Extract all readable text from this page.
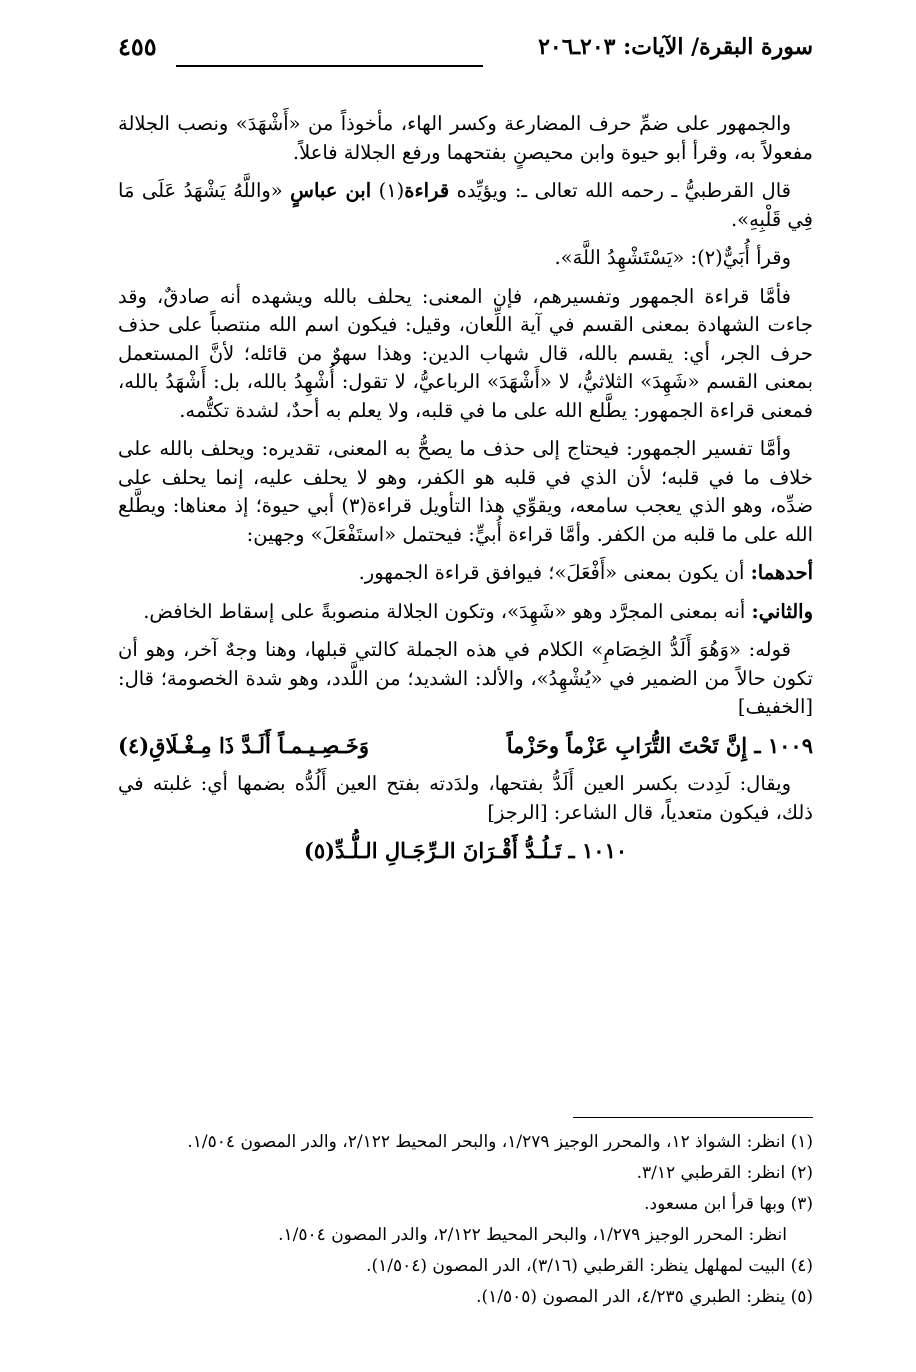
سورة البقرة/ الآيات: ٢٠٣ـ٢٠٦
٤٥٥

والجمهور على ضمِّ حرف المضارعة وكسر الهاء، مأخوذاً من «أَشْهَدَ» ونصب الجلالة مفعولاً به، وقرأ أبو حيوة وابن محيصنٍ بفتحهما ورفع الجلالة فاعلاً.

قال القرطبيُّ ـ رحمه الله تعالى ـ: ويؤيِّده قراءة(١) ابن عباسٍ «واللَّهُ يَشْهَدُ عَلَى مَا فِي قَلْبِهِ».

وقرأ أُبَيٌّ(٢): «يَسْتَشْهِدُ اللَّهَ».

فأمَّا قراءة الجمهور وتفسيرهم، فإن المعنى: يحلف بالله ويشهده أنه صادقٌ، وقد جاءت الشهادة بمعنى القسم في آية اللِّعان، وقيل: فيكون اسم الله منتصباً على حذف حرف الجر، أي: يقسم بالله، قال شهاب الدين: وهذا سهوٌ من قائله؛ لأنَّ المستعمل بمعنى القسم «شَهِدَ» الثلاثيُّ، لا «أَشْهَدَ» الرباعيُّ، لا تقول: أُشْهِدُ بالله، بل: أَشْهَدُ بالله، فمعنى قراءة الجمهور: يطَّلع الله على ما في قلبه، ولا يعلم به أحدٌ، لشدة تكتُّمه.

وأمَّا تفسير الجمهور: فيحتاج إلى حذف ما يصحُّ به المعنى، تقديره: ويحلف بالله على خلاف ما في قلبه؛ لأن الذي في قلبه هو الكفر، وهو لا يحلف عليه، إنما يحلف على ضدِّه، وهو الذي يعجب سامعه، ويقوِّي هذا التأويل قراءة(٣) أبي حيوة؛ إذ معناها: ويطَّلع الله على ما قلبه من الكفر. وأمَّا قراءة أُبيٍّ: فيحتمل «استَفْعَلَ» وجهين:

أحدهما: أن يكون بمعنى «أَفْعَلَ»؛ فيوافق قراءة الجمهور.

والثاني: أنه بمعنى المجرَّد وهو «شَهِدَ»، وتكون الجلالة منصوبةً على إسقاط الخافض.

قوله: «وَهُوَ أَلَدُّ الخِصَامِ» الكلام في هذه الجملة كالتي قبلها، وهنا وجهٌ آخر، وهو أن تكون حالاً من الضمير في «يُشْهِدُ»، والألد: الشديد؛ من اللَّدد، وهو شدة الخصومة؛ قال: [الخفيف]

١٠٠٩ ـ إِنَّ تَحْتَ التُّرَابِ عَزْماً وحَزْماً
وَخَـصِـيـمـاً أَلَـدَّ ذَا مِـغْـلَاقِ(٤)

ويقال: لَدِدت بكسر العين أَلَدُّ بفتحها، ولدَدته بفتح العين أَلُدُّه بضمها أي: غلبته في ذلك، فيكون متعدياً، قال الشاعر: [الرجز]

١٠١٠ ـ تَـلُـدُّ أَقْـرَانَ الـرِّجَـالِ الـلُّـدِّ(٥)
(١) انظر: الشواذ ١٢، والمحرر الوجيز ١/٢٧٩، والبحر المحيط ٢/١٢٢، والدر المصون ١/٥٠٤.
(٢) انظر: القرطبي ٣/١٢.
(٣) وبها قرأ ابن مسعود.
انظر: المحرر الوجيز ١/٢٧٩، والبحر المحيط ٢/١٢٢، والدر المصون ١/٥٠٤.
(٤) البيت لمهلهل ينظر: القرطبي (٣/١٦)، الدر المصون (١/٥٠٤).
(٥) ينظر: الطبري ٤/٢٣٥، الدر المصون (١/٥٠٥).
